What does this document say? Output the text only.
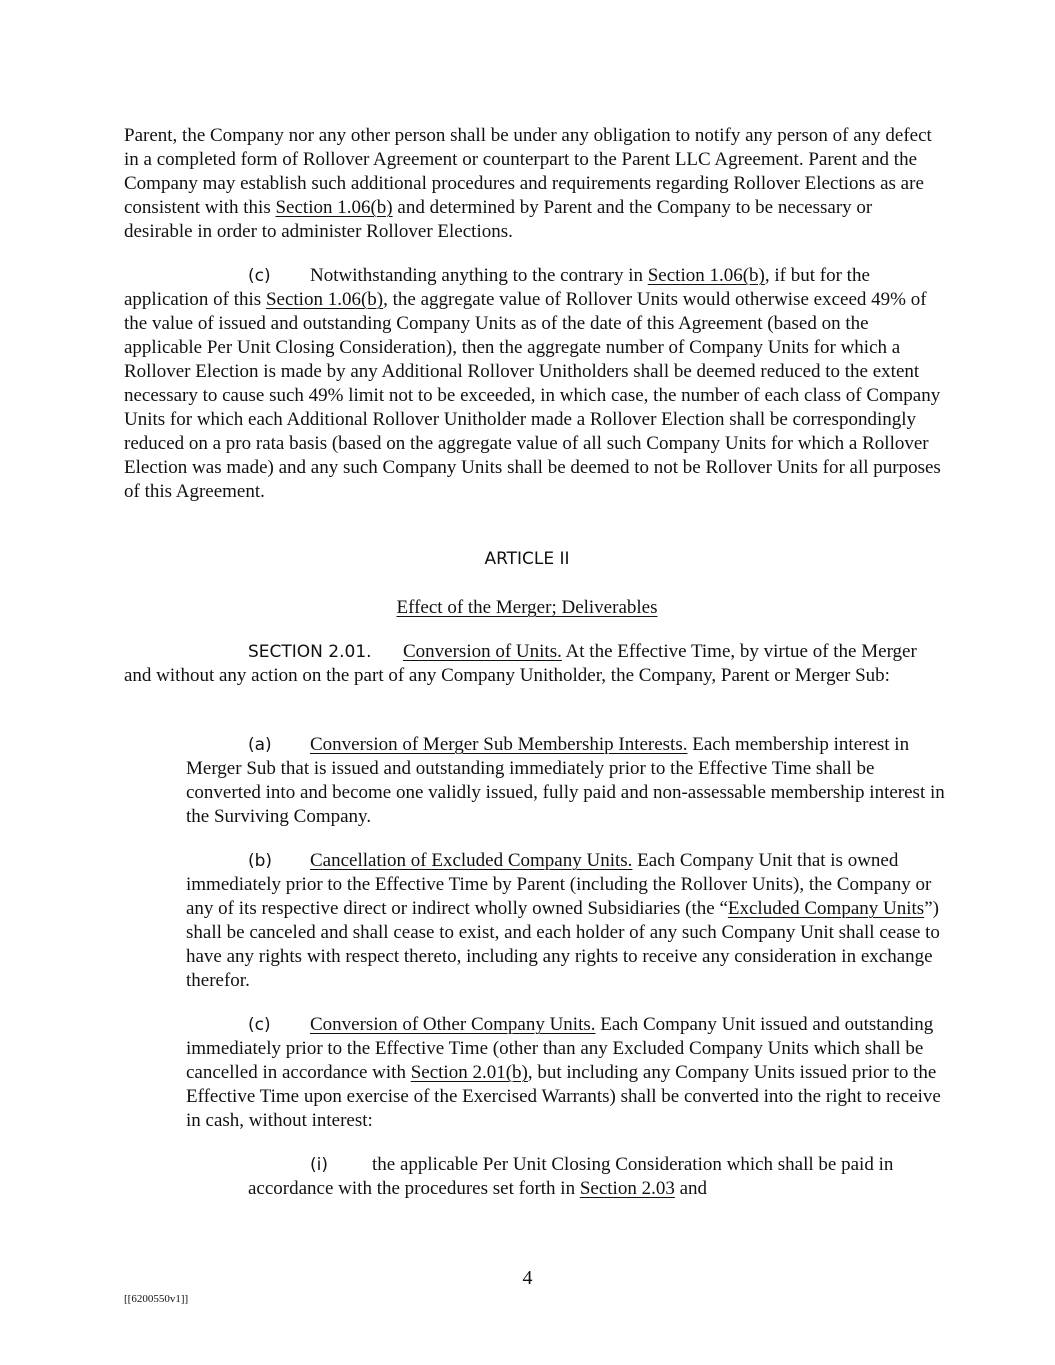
Parent, the Company nor any other person shall be under any obligation to notify any person of any defect in a completed form of Rollover Agreement or counterpart to the Parent LLC Agreement. Parent and the Company may establish such additional procedures and requirements regarding Rollover Elections as are consistent with this Section 1.06(b) and determined by Parent and the Company to be necessary or desirable in order to administer Rollover Elections.

(c) Notwithstanding anything to the contrary in Section 1.06(b), if but for the application of this Section 1.06(b), the aggregate value of Rollover Units would otherwise exceed 49% of the value of issued and outstanding Company Units as of the date of this Agreement (based on the applicable Per Unit Closing Consideration), then the aggregate number of Company Units for which a Rollover Election is made by any Additional Rollover Unitholders shall be deemed reduced to the extent necessary to cause such 49% limit not to be exceeded, in which case, the number of each class of Company Units for which each Additional Rollover Unitholder made a Rollover Election shall be correspondingly reduced on a pro rata basis (based on the aggregate value of all such Company Units for which a Rollover Election was made) and any such Company Units shall be deemed to not be Rollover Units for all purposes of this Agreement.

ARTICLE II

Effect of the Merger; Deliverables

SECTION 2.01. Conversion of Units. At the Effective Time, by virtue of the Merger and without any action on the part of any Company Unitholder, the Company, Parent or Merger Sub:

(a) Conversion of Merger Sub Membership Interests. Each membership interest in Merger Sub that is issued and outstanding immediately prior to the Effective Time shall be converted into and become one validly issued, fully paid and non-assessable membership interest in the Surviving Company.

(b) Cancellation of Excluded Company Units. Each Company Unit that is owned immediately prior to the Effective Time by Parent (including the Rollover Units), the Company or any of its respective direct or indirect wholly owned Subsidiaries (the “Excluded Company Units”) shall be canceled and shall cease to exist, and each holder of any such Company Unit shall cease to have any rights with respect thereto, including any rights to receive any consideration in exchange therefor.

(c) Conversion of Other Company Units. Each Company Unit issued and outstanding immediately prior to the Effective Time (other than any Excluded Company Units which shall be cancelled in accordance with Section 2.01(b), but including any Company Units issued prior to the Effective Time upon exercise of the Exercised Warrants) shall be converted into the right to receive in cash, without interest:

(i) the applicable Per Unit Closing Consideration which shall be paid in accordance with the procedures set forth in Section 2.03 and

4
[[6200550v1]]
